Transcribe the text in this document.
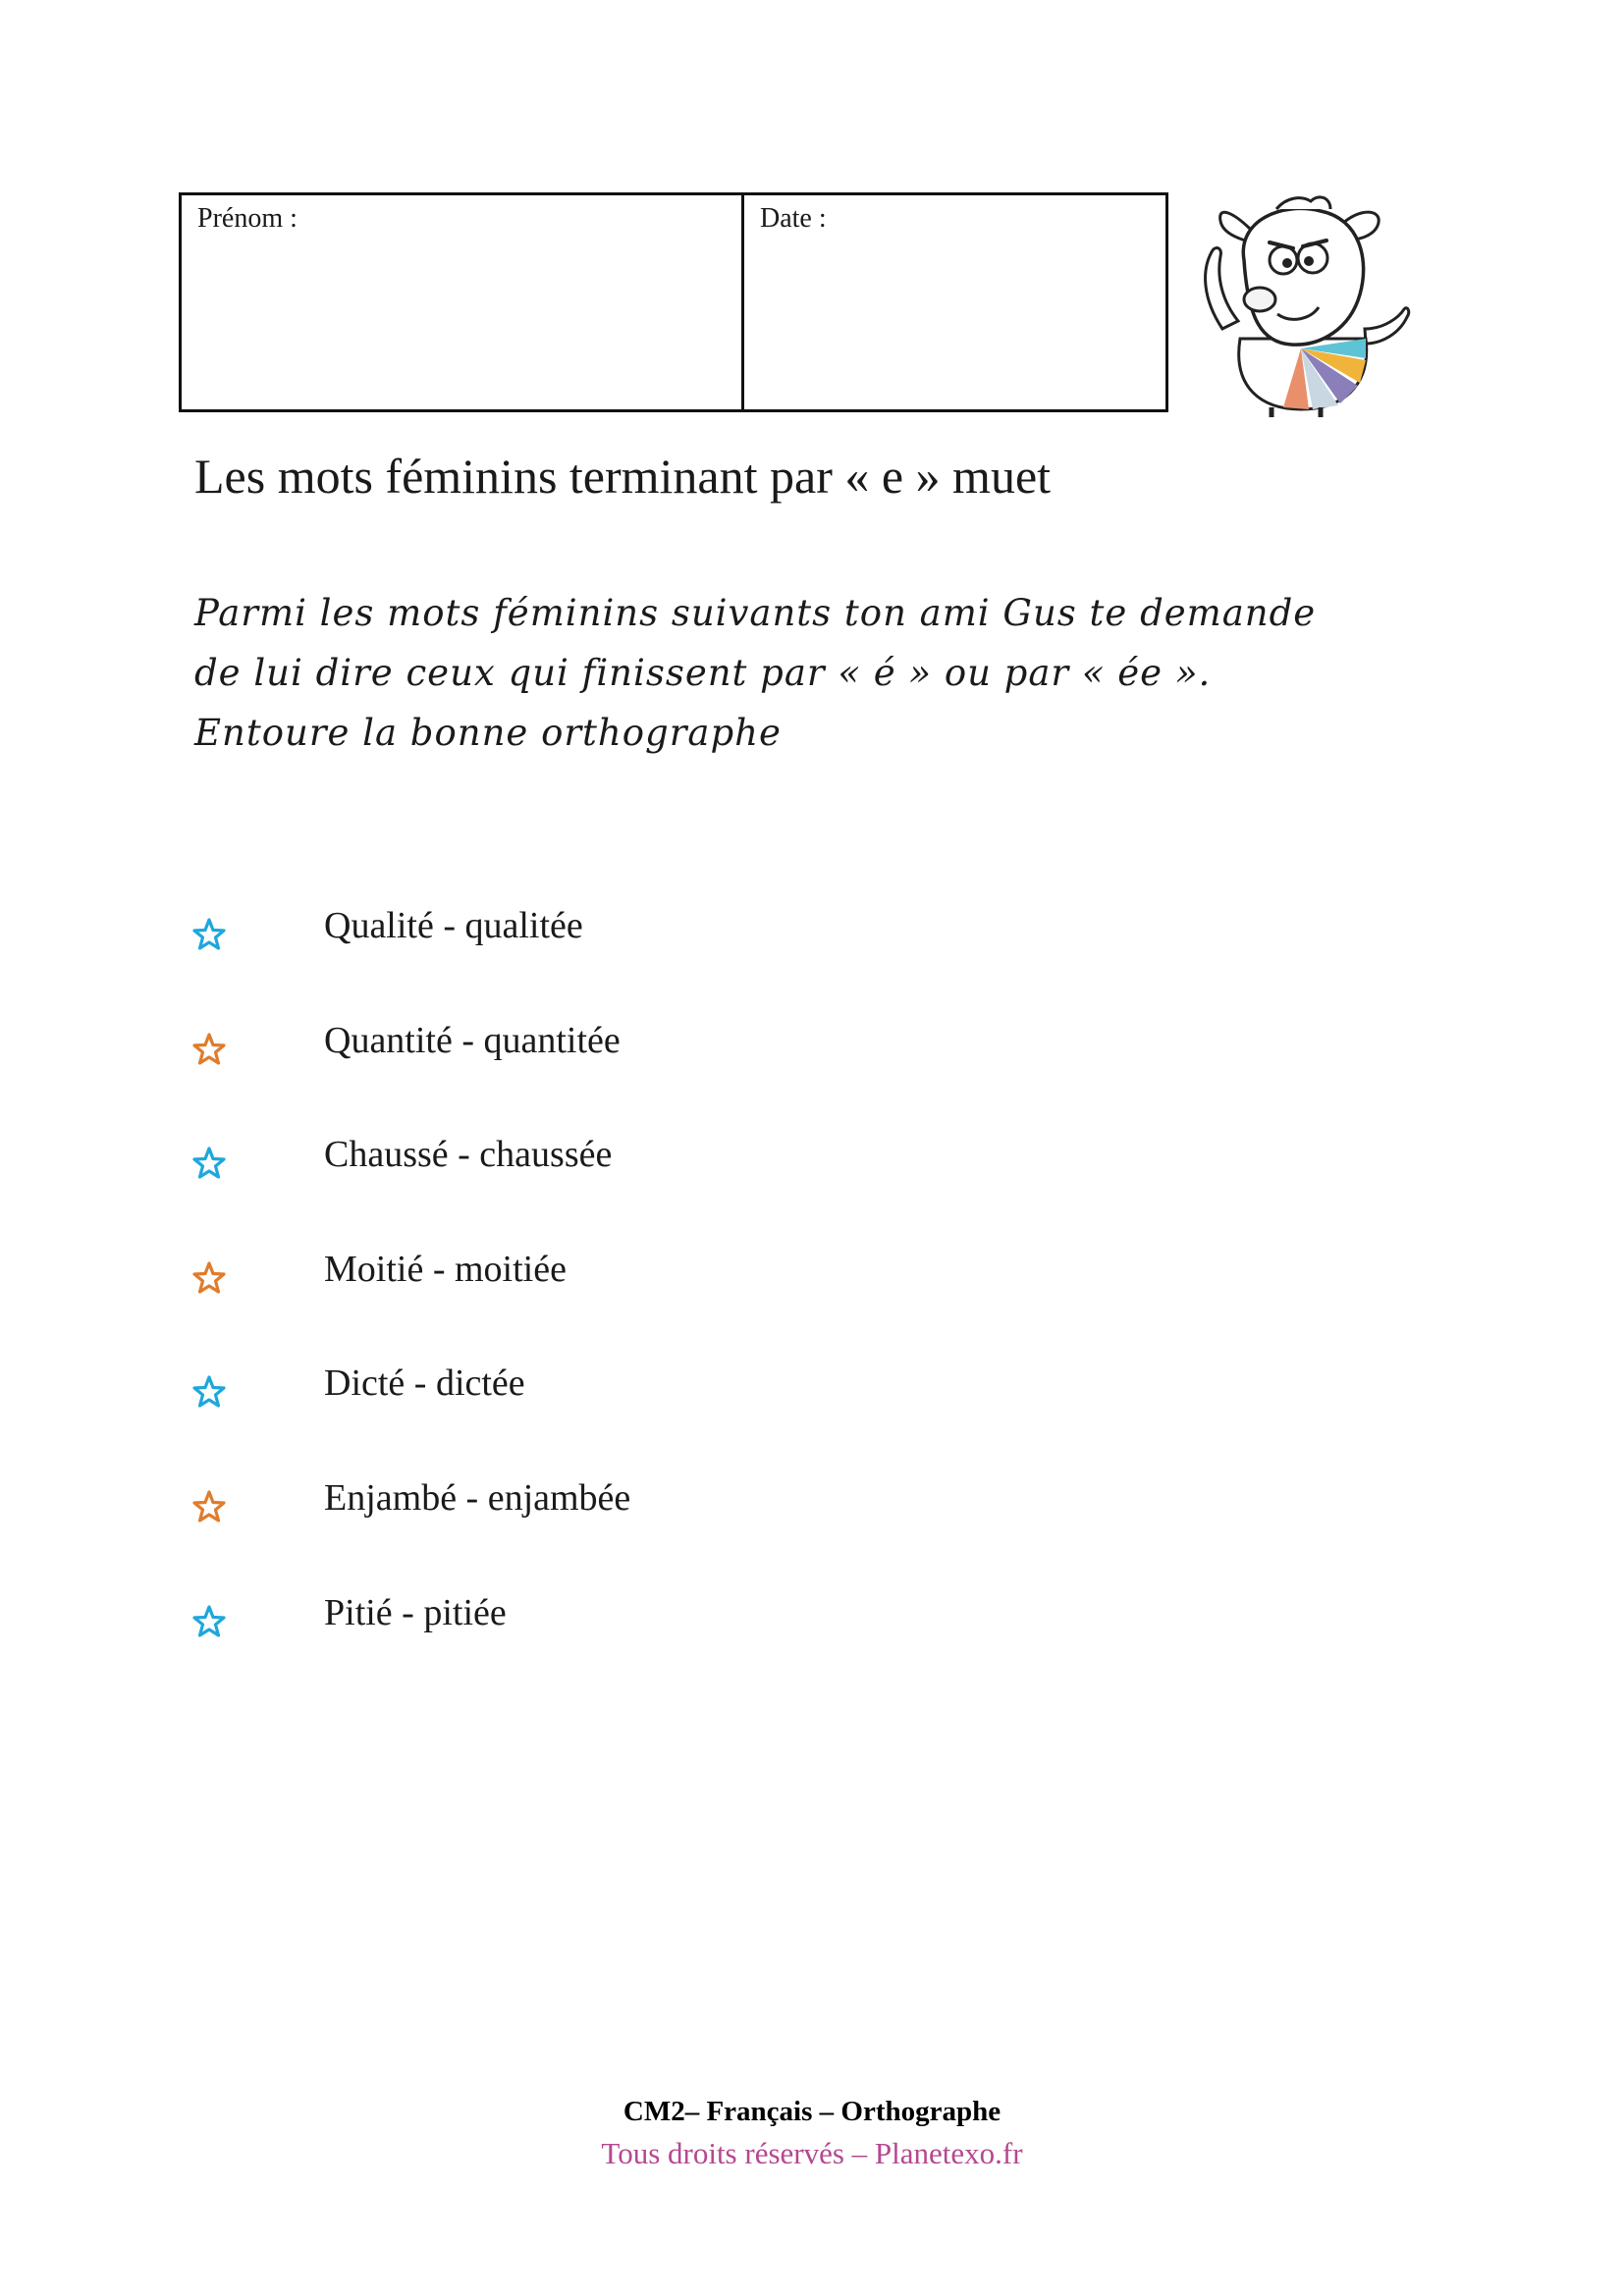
Prénom :	Date :
Les mots féminins terminant par « e » muet
Parmi les mots féminins suivants ton ami Gus te demande
de lui dire ceux qui finissent par « é » ou par « ée ».
Entoure la bonne orthographe
Qualité - qualitée
Quantité - quantitée
Chaussé - chaussée
Moitié - moitiée
Dicté - dictée
Enjambé - enjambée
Pitié - pitiée
CM2– Français – Orthographe
Tous droits réservés – Planetexo.fr
